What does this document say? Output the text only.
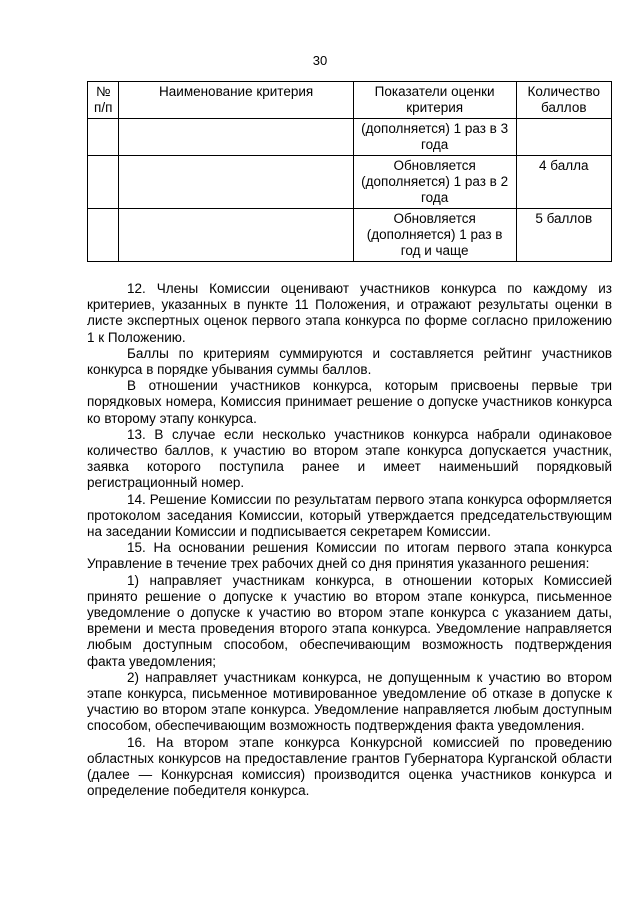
30
№ п/п	Наименование критерия	Показатели оценки критерия	Количество баллов
		(дополняется) 1 раз в 3 года	
		Обновляется (дополняется) 1 раз в 2 года	4 балла
		Обновляется (дополняется) 1 раз в год и чаще	5 баллов

12. Члены Комиссии оценивают участников конкурса по каждому из критериев, указанных в пункте 11 Положения, и отражают результаты оценки в листе экспертных оценок первого этапа конкурса по форме согласно приложению 1 к Положению.

Баллы по критериям суммируются и составляется рейтинг участников конкурса в порядке убывания суммы баллов.

В отношении участников конкурса, которым присвоены первые три порядковых номера, Комиссия принимает решение о допуске участников конкурса ко второму этапу конкурса.

13. В случае если несколько участников конкурса набрали одинаковое количество баллов, к участию во втором этапе конкурса допускается участник, заявка которого поступила ранее и имеет наименьший порядковый регистрационный номер.

14. Решение Комиссии по результатам первого этапа конкурса оформляется протоколом заседания Комиссии, который утверждается председательствующим на заседании Комиссии и подписывается секретарем Комиссии.

15. На основании решения Комиссии по итогам первого этапа конкурса Управление в течение трех рабочих дней со дня принятия указанного решения:

1) направляет участникам конкурса, в отношении которых Комиссией принято решение о допуске к участию во втором этапе конкурса, письменное уведомление о допуске к участию во втором этапе конкурса с указанием даты, времени и места проведения второго этапа конкурса. Уведомление направляется любым доступным способом, обеспечивающим возможность подтверждения факта уведомления;

2) направляет участникам конкурса, не допущенным к участию во втором этапе конкурса, письменное мотивированное уведомление об отказе в допуске к участию во втором этапе конкурса. Уведомление направляется любым доступным способом, обеспечивающим возможность подтверждения факта уведомления.

16. На втором этапе конкурса Конкурсной комиссией по проведению областных конкурсов на предоставление грантов Губернатора Курганской области (далее — Конкурсная комиссия) производится оценка участников конкурса и определение победителя конкурса.
